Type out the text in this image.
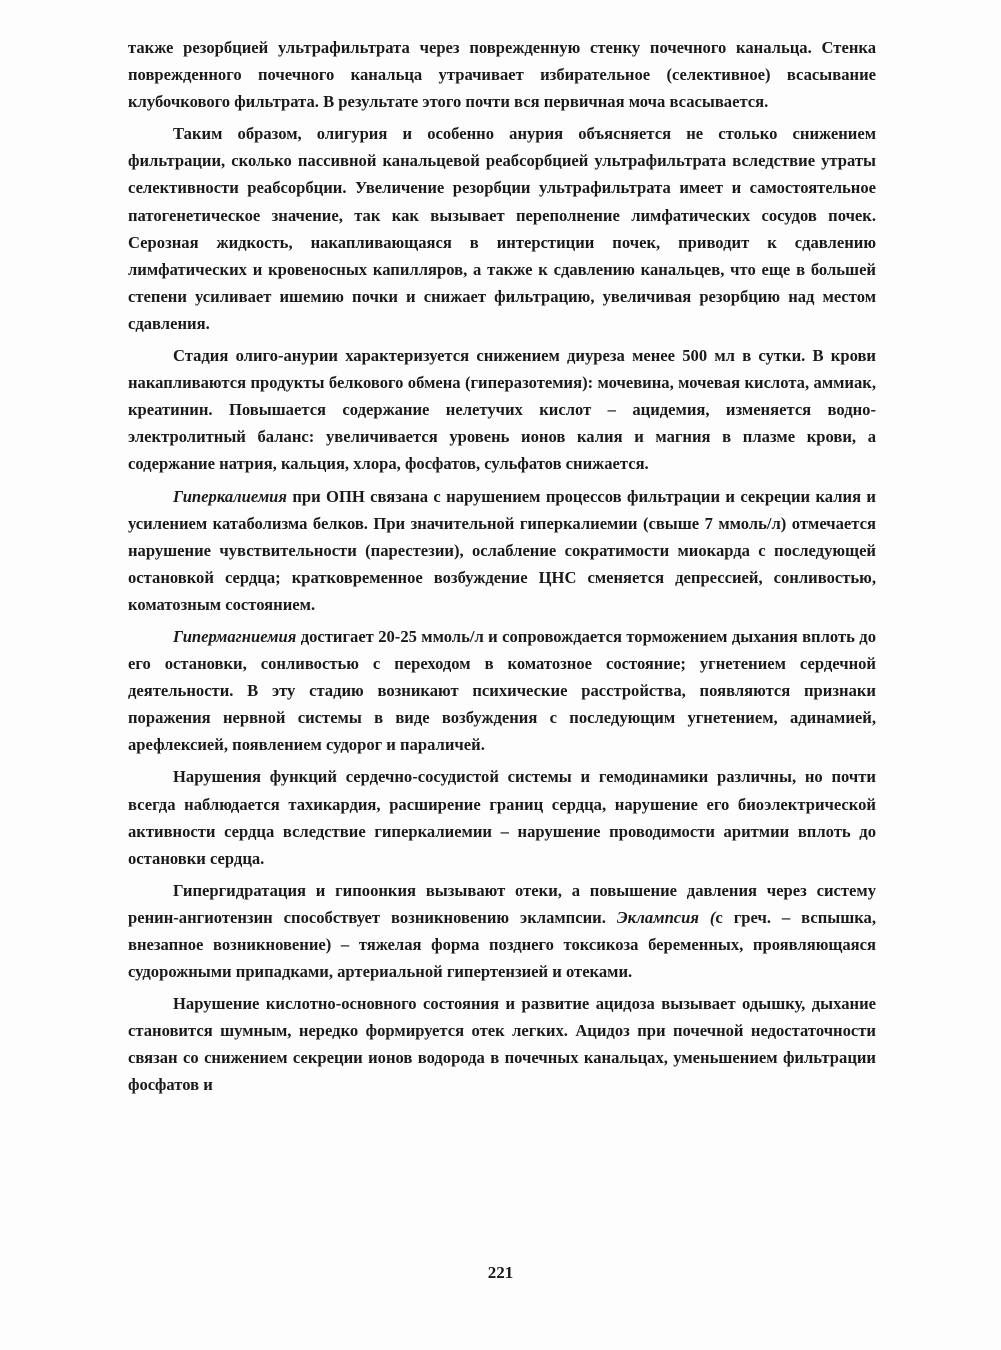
также резорбцией ультрафильтрата через поврежденную стенку почечного канальца. Стенка поврежденного почечного канальца утрачивает избирательное (селективное) всасывание клубочкового фильтрата. В результате этого почти вся первичная моча всасывается.

Таким образом, олигурия и особенно анурия объясняется не столько снижением фильтрации, сколько пассивной канальцевой реабсорбцией ультрафильтрата вследствие утраты селективности реабсорбции. Увеличение резорбции ультрафильтрата имеет и самостоятельное патогенетическое значение, так как вызывает переполнение лимфатических сосудов почек. Серозная жидкость, накапливающаяся в интерстиции почек, приводит к сдавлению лимфатических и кровеносных капилляров, а также к сдавлению канальцев, что еще в большей степени усиливает ишемию почки и снижает фильтрацию, увеличивая резорбцию над местом сдавления.

Стадия олиго-анурии характеризуется снижением диуреза менее 500 мл в сутки. В крови накапливаются продукты белкового обмена (гиперазотемия): мочевина, мочевая кислота, аммиак, креатинин. Повышается содержание нелетучих кислот – ацидемия, изменяется водно-электролитный баланс: увеличивается уровень ионов калия и магния в плазме крови, а содержание натрия, кальция, хлора, фосфатов, сульфатов снижается.

Гиперкалиемия при ОПН связана с нарушением процессов фильтрации и секреции калия и усилением катаболизма белков. При значительной гиперкалиемии (свыше 7 ммоль/л) отмечается нарушение чувствительности (парестезии), ослабление сократимости миокарда с последующей остановкой сердца; кратковременное возбуждение ЦНС сменяется депрессией, сонливостью, коматозным состоянием.

Гипермагниемия достигает 20-25 ммоль/л и сопровождается торможением дыхания вплоть до его остановки, сонливостью с переходом в коматозное состояние; угнетением сердечной деятельности. В эту стадию возникают психические расстройства, появляются признаки поражения нервной системы в виде возбуждения с последующим угнетением, адинамией, арефлексией, появлением судорог и параличей.

Нарушения функций сердечно-сосудистой системы и гемодинамики различны, но почти всегда наблюдается тахикардия, расширение границ сердца, нарушение его биоэлектрической активности сердца вследствие гиперкалиемии – нарушение проводимости аритмии вплоть до остановки сердца.

Гипергидратация и гипоонкия вызывают отеки, а повышение давления через систему ренин-ангиотензин способствует возникновению эклампсии. Эклампсия (с греч. – вспышка, внезапное возникновение) – тяжелая форма позднего токсикоза беременных, проявляющаяся судорожными припадками, артериальной гипертензией и отеками.

Нарушение кислотно-основного состояния и развитие ацидоза вызывает одышку, дыхание становится шумным, нередко формируется отек легких. Ацидоз при почечной недостаточности связан со снижением секреции ионов водорода в почечных канальцах, уменьшением фильтрации фосфатов и

221
